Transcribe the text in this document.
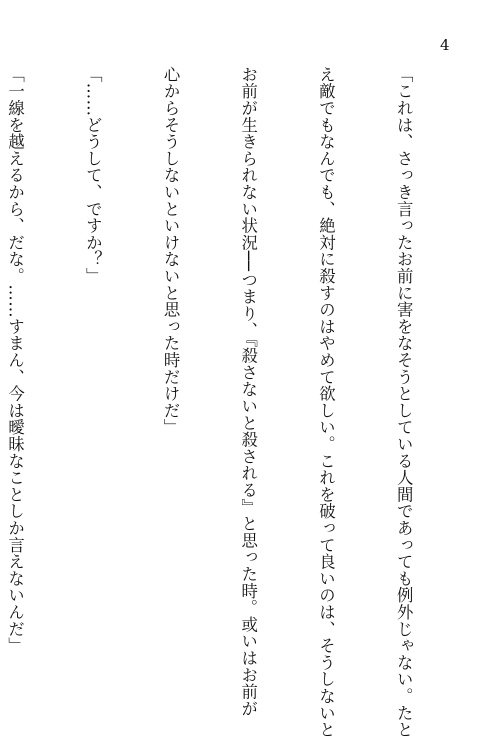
4

「これは、さっき言ったお前に害をなそうとしている人間であっても例外じゃない。たと

え敵でもなんでも、絶対に殺すのはやめて欲しい。これを破って良いのは、そうしないと

お前が生きられない状況──つまり、『殺さないと殺される』と思った時。或いはお前が

心からそうしないといけないと思った時だけだ」

「……どうして、ですか？」

「一線を越えるから、だな。……すまん、今は曖昧なことしか言えないんだ」
